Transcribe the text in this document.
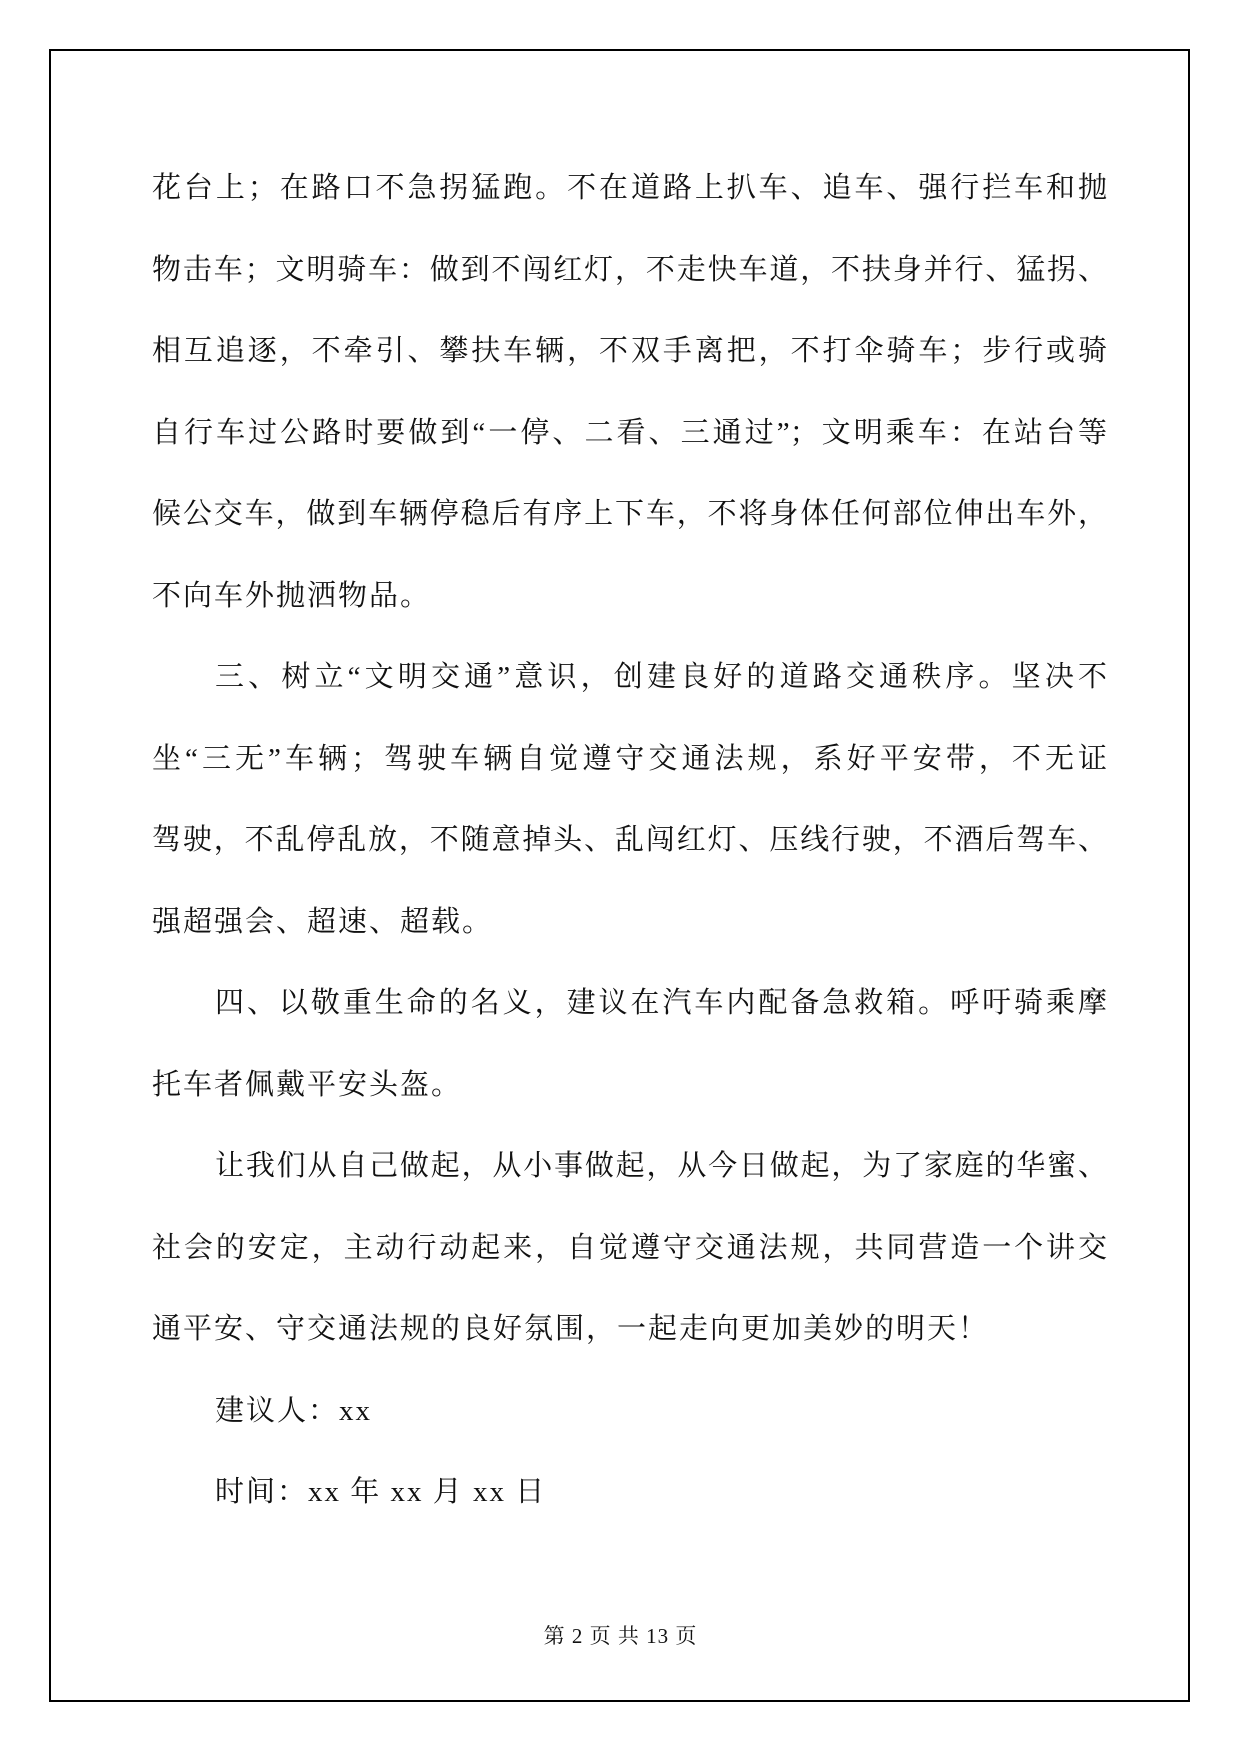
花台上；在路口不急拐猛跑。不在道路上扒车、追车、强行拦车和抛
物击车；文明骑车：做到不闯红灯，不走快车道，不扶身并行、猛拐、
相互追逐，不牵引、攀扶车辆，不双手离把，不打伞骑车；步行或骑
自行车过公路时要做到“一停、二看、三通过”；文明乘车：在站台等
候公交车，做到车辆停稳后有序上下车，不将身体任何部位伸出车外，
不向车外抛洒物品。
三、树立“文明交通”意识，创建良好的道路交通秩序。坚决不
坐“三无”车辆；驾驶车辆自觉遵守交通法规，系好平安带，不无证
驾驶，不乱停乱放，不随意掉头、乱闯红灯、压线行驶，不酒后驾车、
强超强会、超速、超载。
四、以敬重生命的名义，建议在汽车内配备急救箱。呼吁骑乘摩
托车者佩戴平安头盔。
让我们从自己做起，从小事做起，从今日做起，为了家庭的华蜜、
社会的安定，主动行动起来，自觉遵守交通法规，共同营造一个讲交
通平安、守交通法规的良好氛围，一起走向更加美妙的明天！
建议人：xx
时间：xx 年 xx 月 xx 日
第 2 页 共 13 页
